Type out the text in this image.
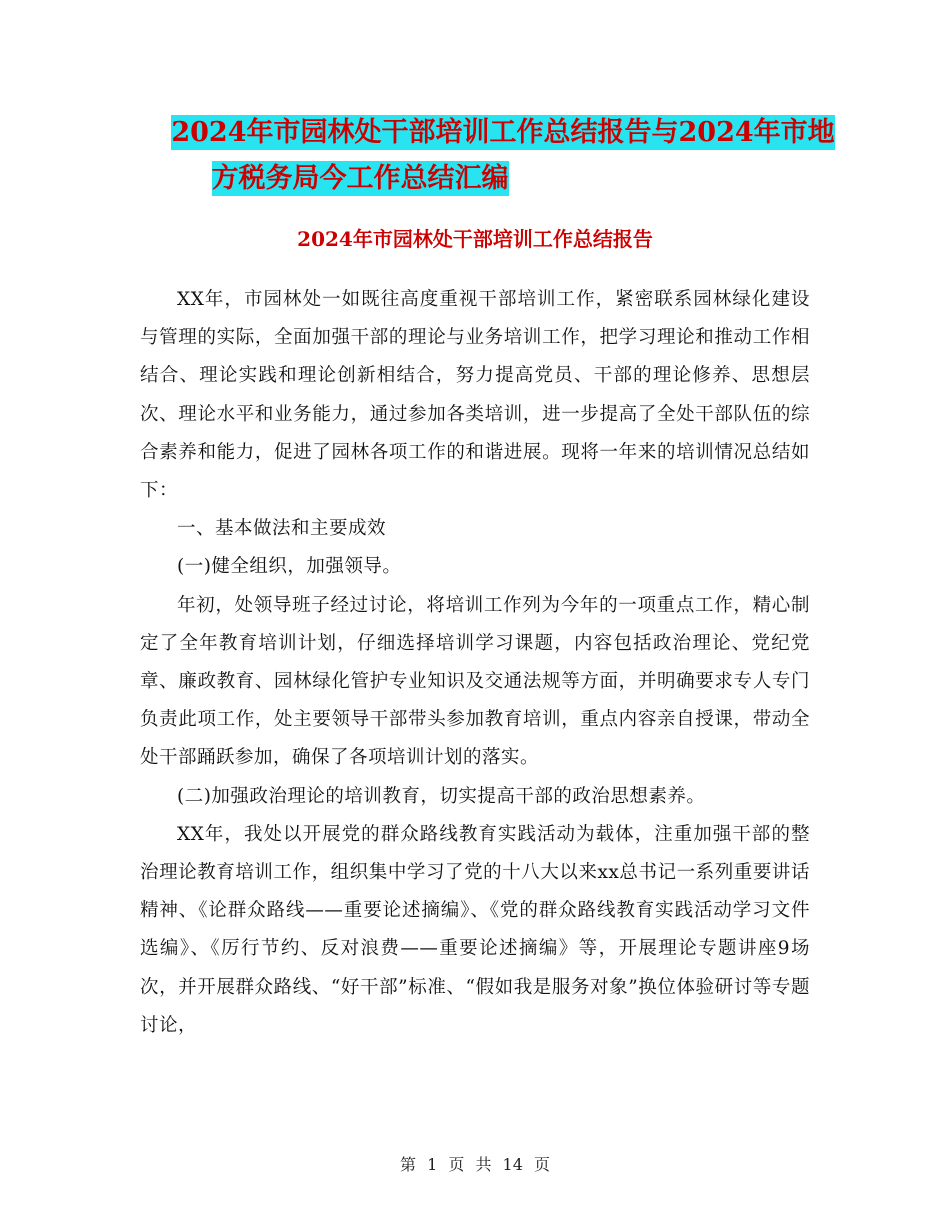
2024年市园林处干部培训工作总结报告与2024年市地
方税务局今工作总结汇编
2024年市园林处干部培训工作总结报告

XX年，市园林处一如既往高度重视干部培训工作，紧密联系园林绿化建设与管理的实际，全面加强干部的理论与业务培训工作，把学习理论和推动工作相结合、理论实践和理论创新相结合，努力提高党员、干部的理论修养、思想层次、理论水平和业务能力，通过参加各类培训，进一步提高了全处干部队伍的综合素养和能力，促进了园林各项工作的和谐进展。现将一年来的培训情况总结如下：

一、基本做法和主要成效

(一)健全组织，加强领导。

年初，处领导班子经过讨论，将培训工作列为今年的一项重点工作，精心制定了全年教育培训计划，仔细选择培训学习课题，内容包括政治理论、党纪党章、廉政教育、园林绿化管护专业知识及交通法规等方面，并明确要求专人专门负责此项工作，处主要领导干部带头参加教育培训，重点内容亲自授课，带动全处干部踊跃参加，确保了各项培训计划的落实。

(二)加强政治理论的培训教育，切实提高干部的政治思想素养。

XX年，我处以开展党的群众路线教育实践活动为载体，注重加强干部的整治理论教育培训工作，组织集中学习了党的十八大以来xx总书记一系列重要讲话精神、《论群众路线——重要论述摘编》、《党的群众路线教育实践活动学习文件选编》、《厉行节约、反对浪费——重要论述摘编》等，开展理论专题讲座9场次，并开展群众路线、“好干部”标准、“假如我是服务对象”换位体验研讨等专题讨论，

第 1 页 共 14 页
